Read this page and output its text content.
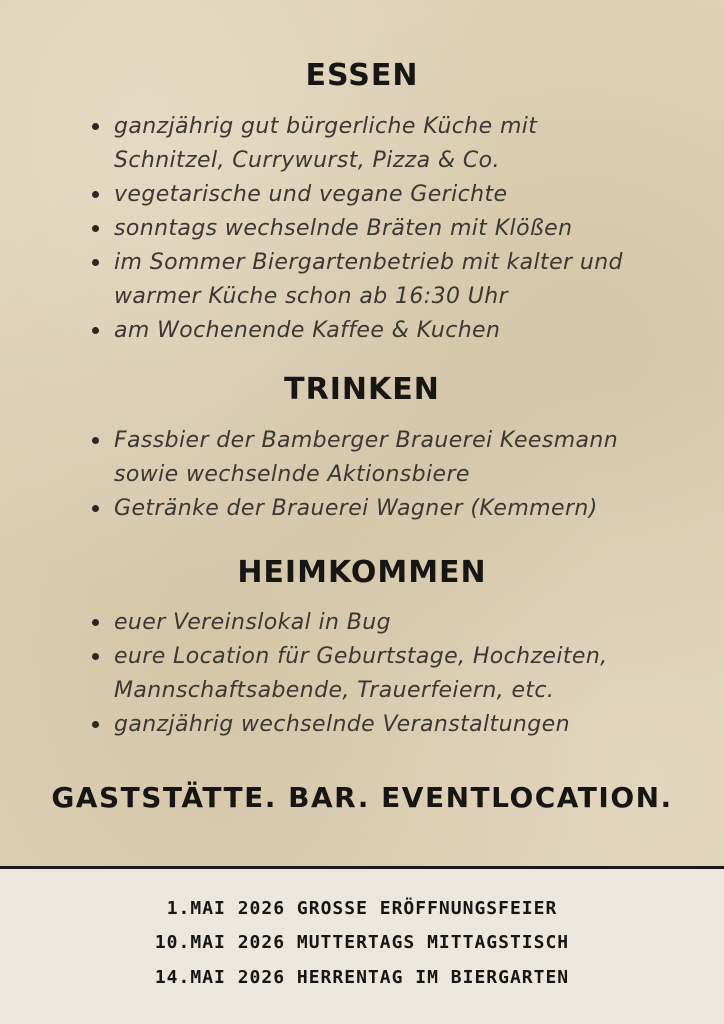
ESSEN
ganzjährig gut bürgerliche Küche mit Schnitzel, Currywurst, Pizza & Co.
vegetarische und vegane Gerichte
sonntags wechselnde Bräten mit Klößen
im Sommer Biergartenbetrieb mit kalter und warmer Küche schon ab 16:30 Uhr
am Wochenende Kaffee & Kuchen
TRINKEN
Fassbier der Bamberger Brauerei Keesmann sowie wechselnde Aktionsbiere
Getränke der Brauerei Wagner (Kemmern)
HEIMKOMMEN
euer Vereinslokal in Bug
eure Location für Geburtstage, Hochzeiten, Mannschaftsabende, Trauerfeiern, etc.
ganzjährig wechselnde Veranstaltungen
GASTSTÄTTE. BAR. EVENTLOCATION.
1.MAI 2026 GROSSE ERÖFFNUNGSFEIER
10.MAI 2026 MUTTERTAGS MITTAGSTISCH
14.MAI 2026 HERRENTAG IM BIERGARTEN
